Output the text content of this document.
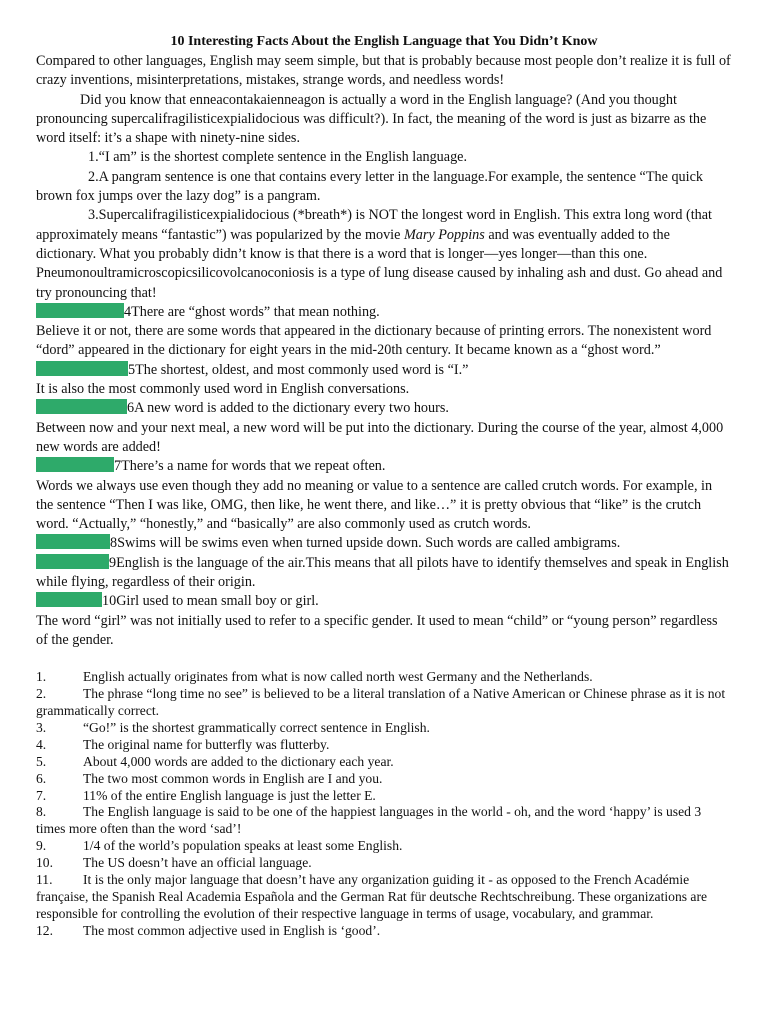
10 Interesting Facts About the English Language that You Didn’t Know

Compared to other languages, English may seem simple, but that is probably because most people don’t realize it is full of crazy inventions, misinterpretations, mistakes, strange words, and needless words!

Did you know that enneacontakaienneagon is actually a word in the English language? (And you thought pronouncing supercalifragilisticexpialidocious was difficult?). In fact, the meaning of the word is just as bizarre as the word itself: it’s a shape with ninety-nine sides.

1.“I am” is the shortest complete sentence in the English language.

2.A pangram sentence is one that contains every letter in the language.For example, the sentence “The quick brown fox jumps over the lazy dog” is a pangram.

3.Supercalifragilisticexpialidocious (*breath*) is NOT the longest word in English. This extra long word (that approximately means “fantastic”) was popularized by the movie Mary Poppins and was eventually added to the dictionary. What you probably didn’t know is that there is a word that is longer—yes longer—than this one. Pneumonoultramicroscopicsilicovolcanoconiosis is a type of lung disease caused by inhaling ash and dust. Go ahead and try pronouncing that!

4There are “ghost words” that mean nothing.

Believe it or not, there are some words that appeared in the dictionary because of printing errors. The nonexistent word “dord” appeared in the dictionary for eight years in the mid-20th century. It became known as a “ghost word.”

5The shortest, oldest, and most commonly used word is “I.”

It is also the most commonly used word in English conversations.

6A new word is added to the dictionary every two hours.

Between now and your next meal, a new word will be put into the dictionary. During the course of the year, almost 4,000 new words are added!

7There’s a name for words that we repeat often.

Words we always use even though they add no meaning or value to a sentence are called crutch words. For example, in the sentence “Then I was like, OMG, then like, he went there, and like…” it is pretty obvious that “like” is the crutch word. “Actually,” “honestly,” and “basically” are also commonly used as crutch words.

8Swims will be swims even when turned upside down. Such words are called ambigrams.

9English is the language of the air.This means that all pilots have to identify themselves and speak in English while flying, regardless of their origin.

10Girl used to mean small boy or girl.

The word “girl” was not initially used to refer to a specific gender. It used to mean “child” or “young person” regardless of the gender.

1.	English actually originates from what is now called north west Germany and the Netherlands.
2.	The phrase “long time no see” is believed to be a literal translation of a Native American or Chinese phrase as it is not grammatically correct.
3.	“Go!” is the shortest grammatically correct sentence in English.
4.	The original name for butterfly was flutterby.
5.	About 4,000 words are added to the dictionary each year.
6.	The two most common words in English are I and you.
7.	11% of the entire English language is just the letter E.
8.	The English language is said to be one of the happiest languages in the world - oh, and the word ‘happy’ is used 3 times more often than the word ‘sad’!
9.	1/4 of the world’s population speaks at least some English.
10. The US doesn’t have an official language.
11. It is the only major language that doesn’t have any organization guiding it - as opposed to the French Académie française, the Spanish Real Academia Española and the German Rat für deutsche Rechtschreibung. These organizations are responsible for controlling the evolution of their respective language in terms of usage, vocabulary, and grammar.
12. The most common adjective used in English is ‘good’.
